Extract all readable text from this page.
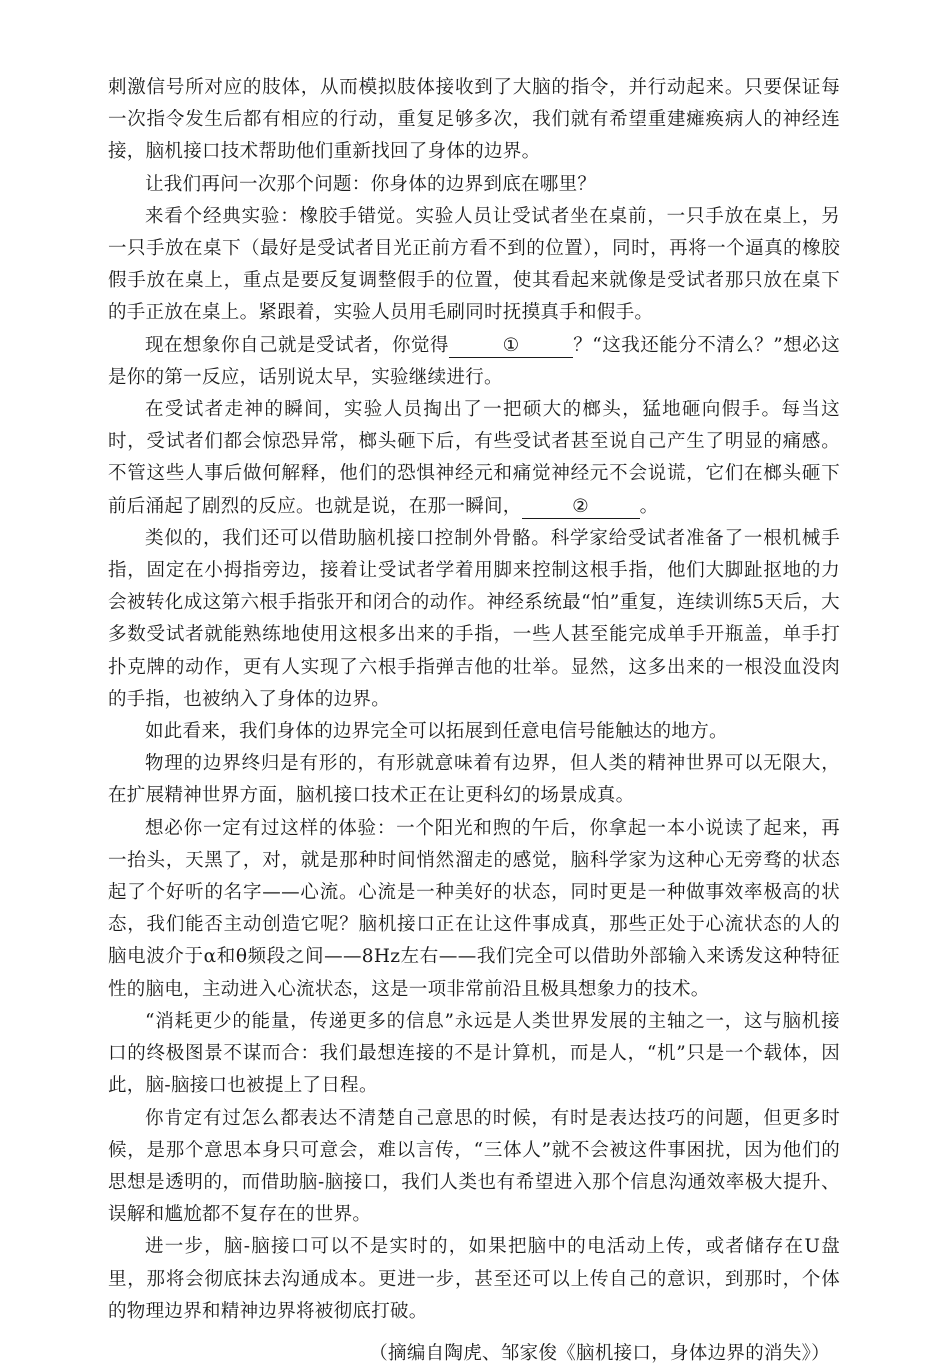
刺激信号所对应的肢体，从而模拟肢体接收到了大脑的指令，并行动起来。只要保证每一次指令发生后都有相应的行动，重复足够多次，我们就有希望重建瘫痪病人的神经连接，脑机接口技术帮助他们重新找回了身体的边界。

让我们再问一次那个问题：你身体的边界到底在哪里？

来看个经典实验：橡胶手错觉。实验人员让受试者坐在桌前，一只手放在桌上，另一只手放在桌下（最好是受试者目光正前方看不到的位置），同时，再将一个逼真的橡胶假手放在桌上，重点是要反复调整假手的位置，使其看起来就像是受试者那只放在桌下的手正放在桌上。紧跟着，实验人员用毛刷同时抚摸真手和假手。

现在想象你自己就是受试者，你觉得	①	？“这我还能分不清么？”想必这是你的第一反应，话别说太早，实验继续进行。

在受试者走神的瞬间，实验人员掏出了一把硕大的榔头，猛地砸向假手。每当这时，受试者们都会惊恐异常，榔头砸下后，有些受试者甚至说自己产生了明显的痛感。不管这些人事后做何解释，他们的恐惧神经元和痛觉神经元不会说谎，它们在榔头砸下前后涌起了剧烈的反应。也就是说，在那一瞬间，	②	。

类似的，我们还可以借助脑机接口控制外骨骼。科学家给受试者准备了一根机械手指，固定在小拇指旁边，接着让受试者学着用脚来控制这根手指，他们大脚趾抠地的力会被转化成这第六根手指张开和闭合的动作。神经系统最“怕”重复，连续训练5天后，大多数受试者就能熟练地使用这根多出来的手指，一些人甚至能完成单手开瓶盖，单手打扑克牌的动作，更有人实现了六根手指弹吉他的壮举。显然，这多出来的一根没血没肉的手指，也被纳入了身体的边界。

如此看来，我们身体的边界完全可以拓展到任意电信号能触达的地方。

物理的边界终归是有形的，有形就意味着有边界，但人类的精神世界可以无限大，在扩展精神世界方面，脑机接口技术正在让更科幻的场景成真。

想必你一定有过这样的体验：一个阳光和煦的午后，你拿起一本小说读了起来，再一抬头，天黑了，对，就是那种时间悄然溜走的感觉，脑科学家为这种心无旁骛的状态起了个好听的名字——心流。心流是一种美好的状态，同时更是一种做事效率极高的状态，我们能否主动创造它呢？脑机接口正在让这件事成真，那些正处于心流状态的人的脑电波介于α和θ频段之间——8Hz左右——我们完全可以借助外部输入来诱发这种特征性的脑电，主动进入心流状态，这是一项非常前沿且极具想象力的技术。

“消耗更少的能量，传递更多的信息”永远是人类世界发展的主轴之一，这与脑机接口的终极图景不谋而合：我们最想连接的不是计算机，而是人，“机”只是一个载体，因此，脑-脑接口也被提上了日程。

你肯定有过怎么都表达不清楚自己意思的时候，有时是表达技巧的问题，但更多时候，是那个意思本身只可意会，难以言传，“三体人”就不会被这件事困扰，因为他们的思想是透明的，而借助脑-脑接口，我们人类也有希望进入那个信息沟通效率极大提升、误解和尴尬都不复存在的世界。

进一步，脑-脑接口可以不是实时的，如果把脑中的电活动上传，或者储存在U盘里，那将会彻底抹去沟通成本。更进一步，甚至还可以上传自己的意识，到那时，个体的物理边界和精神边界将被彻底打破。

（摘编自陶虎、邹家俊《脑机接口，身体边界的消失》）
